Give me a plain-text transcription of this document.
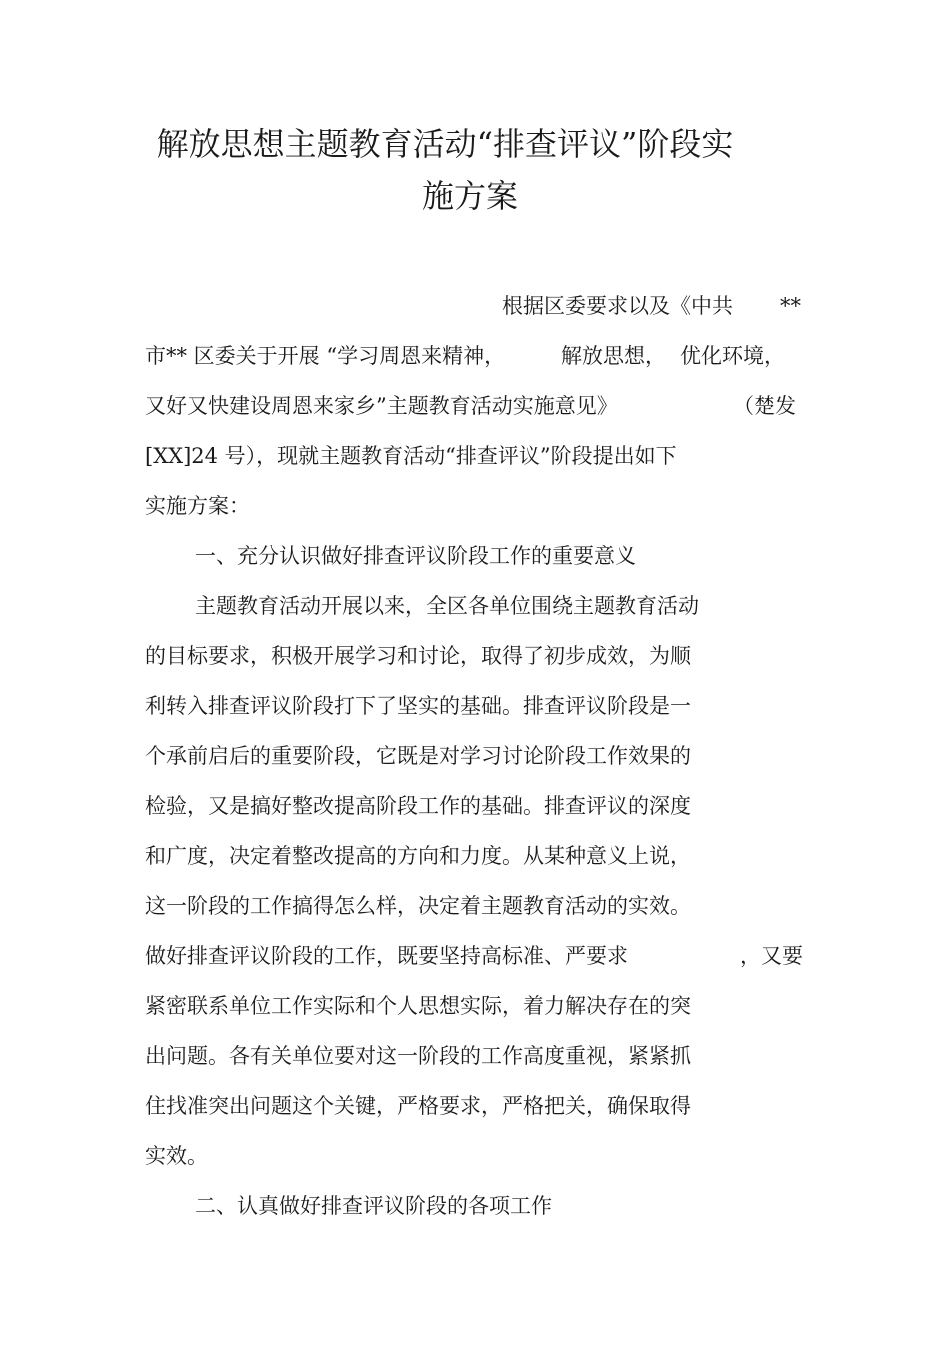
解放思想主题教育活动“排查评议”阶段实
施方案
根据区委要求以及《中共 **
市** 区委关于开展 “学习周恩来精神，	解放思想， 优化环境，
又好又快建设周恩来家乡”主题教育活动实施意见》	（楚发
[XX]24 号），现就主题教育活动“排查评议”阶段提出如下
实施方案：
一、充分认识做好排查评议阶段工作的重要意义
主题教育活动开展以来，全区各单位围绕主题教育活动
的目标要求，积极开展学习和讨论，取得了初步成效，为顺
利转入排查评议阶段打下了坚实的基础。排查评议阶段是一
个承前启后的重要阶段，它既是对学习讨论阶段工作效果的
检验，又是搞好整改提高阶段工作的基础。排查评议的深度
和广度，决定着整改提高的方向和力度。从某种意义上说，
这一阶段的工作搞得怎么样，决定着主题教育活动的实效。
做好排查评议阶段的工作，既要坚持高标准、严要求	，又要
紧密联系单位工作实际和个人思想实际，着力解决存在的突
出问题。各有关单位要对这一阶段的工作高度重视，紧紧抓
住找准突出问题这个关键，严格要求，严格把关，确保取得
实效。
二、认真做好排查评议阶段的各项工作
